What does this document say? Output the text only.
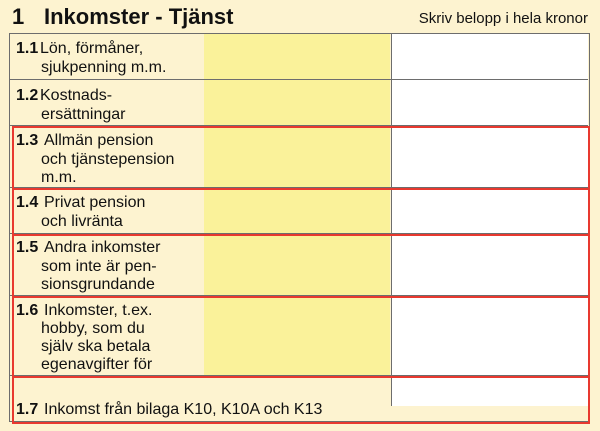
1 Inkomster - Tjänst	Skriv belopp i hela kronor
1.1 Lön, förmåner,
sjukpenning m.m.
1.2 Kostnads-
ersättningar
1.3 Allmän pension
och tjänstepension
m.m.
1.4 Privat pension
och livränta
1.5 Andra inkomster
som inte är pen-
sionsgrundande
1.6 Inkomster, t.ex.
hobby, som du
själv ska betala
egenavgifter för
1.7 Inkomst från bilaga K10, K10A och K13
